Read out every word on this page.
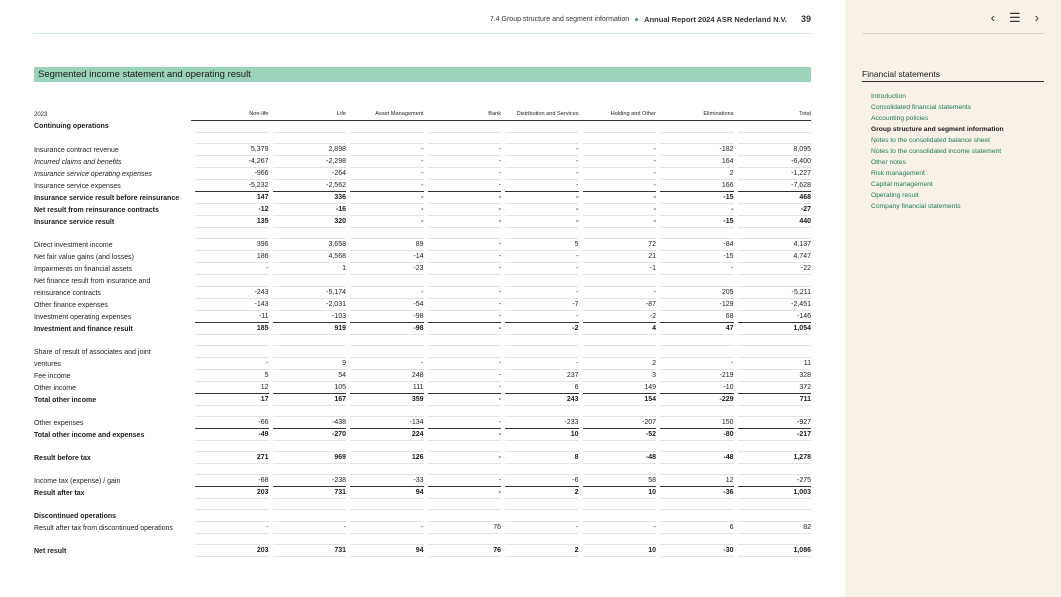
7.4 Group structure and segment information Annual Report 2024 ASR Nederland N.V. 39
Segmented income statement and operating result
2023	Non-life	Life	Asset Management	Bank	Distribution and Services	Holding and Other	Eliminations	Total
Continuing operations	

Insurance contract revenue	5,379	2,898	-	-	-	-	-182	8,095

Incurred claims and benefits	-4,267	-2,298	-	-	-	-	164	-6,400

Insurance service operating expenses	-966	-264	-	-	-	-	2	-1,227

Insurance service expenses	-5,232	-2,562	-	-	-	-	166	-7,628

Insurance service result before reinsurance	147	336	-	-	-	-	-15	468

Net result from reinsurance contracts	-12	-16	-	-	-	-	-	-27

Insurance service result	135	320	-	-	-	-	-15	440

Direct investment income	396	3,658	89	-	5	72	-84	4,137

Net fair value gains (and losses)	186	4,568	-14	-	-	21	-15	4,747

Impairments on financial assets	-	1	-23	-	-	-1	-	-22

Net finance result from insurance and	

reinsurance contracts	-243	-5,174	-	-	-	-	205	-5,211

Other finance expenses	-143	-2,031	-54	-	-7	-87	-129	-2,451

Investment operating expenses	-11	-103	-98	-	-	-2	68	-146

Investment and finance result	185	919	-98	-	-2	4	47	1,054

Share of result of associates and joint	

ventures	-	9	-	-	-	2	-	11

Fee income	5	54	248	-	237	3	-219	328

Other income	12	105	111	-	6	149	-10	372

Total other income	17	167	359	-	243	154	-229	711

Other expenses	-66	-438	-134	-	-233	-207	150	-927

Total other income and expenses	-49	-270	224	-	10	-52	-80	-217

Result before tax	271	969	126	-	8	-48	-48	1,278

Income tax (expense) / gain	-68	-238	-33	-	-6	58	12	-275

Result after tax	203	731	94	-	2	10	-36	1,003

Discontinued operations	

Result after tax from discontinued operations	-	-	-	76	-	-	6	82

Net result	203	731	94	76	2	10	-30	1,086
‹ ☰ ›
Financial statements
Introduction
Consolidated financial statements
Accounting policies
Group structure and segment information
Notes to the consolidated balance sheet
Notes to the consolidated income statement
Other notes
Risk management
Capital management
Operating result
Company financial statements
